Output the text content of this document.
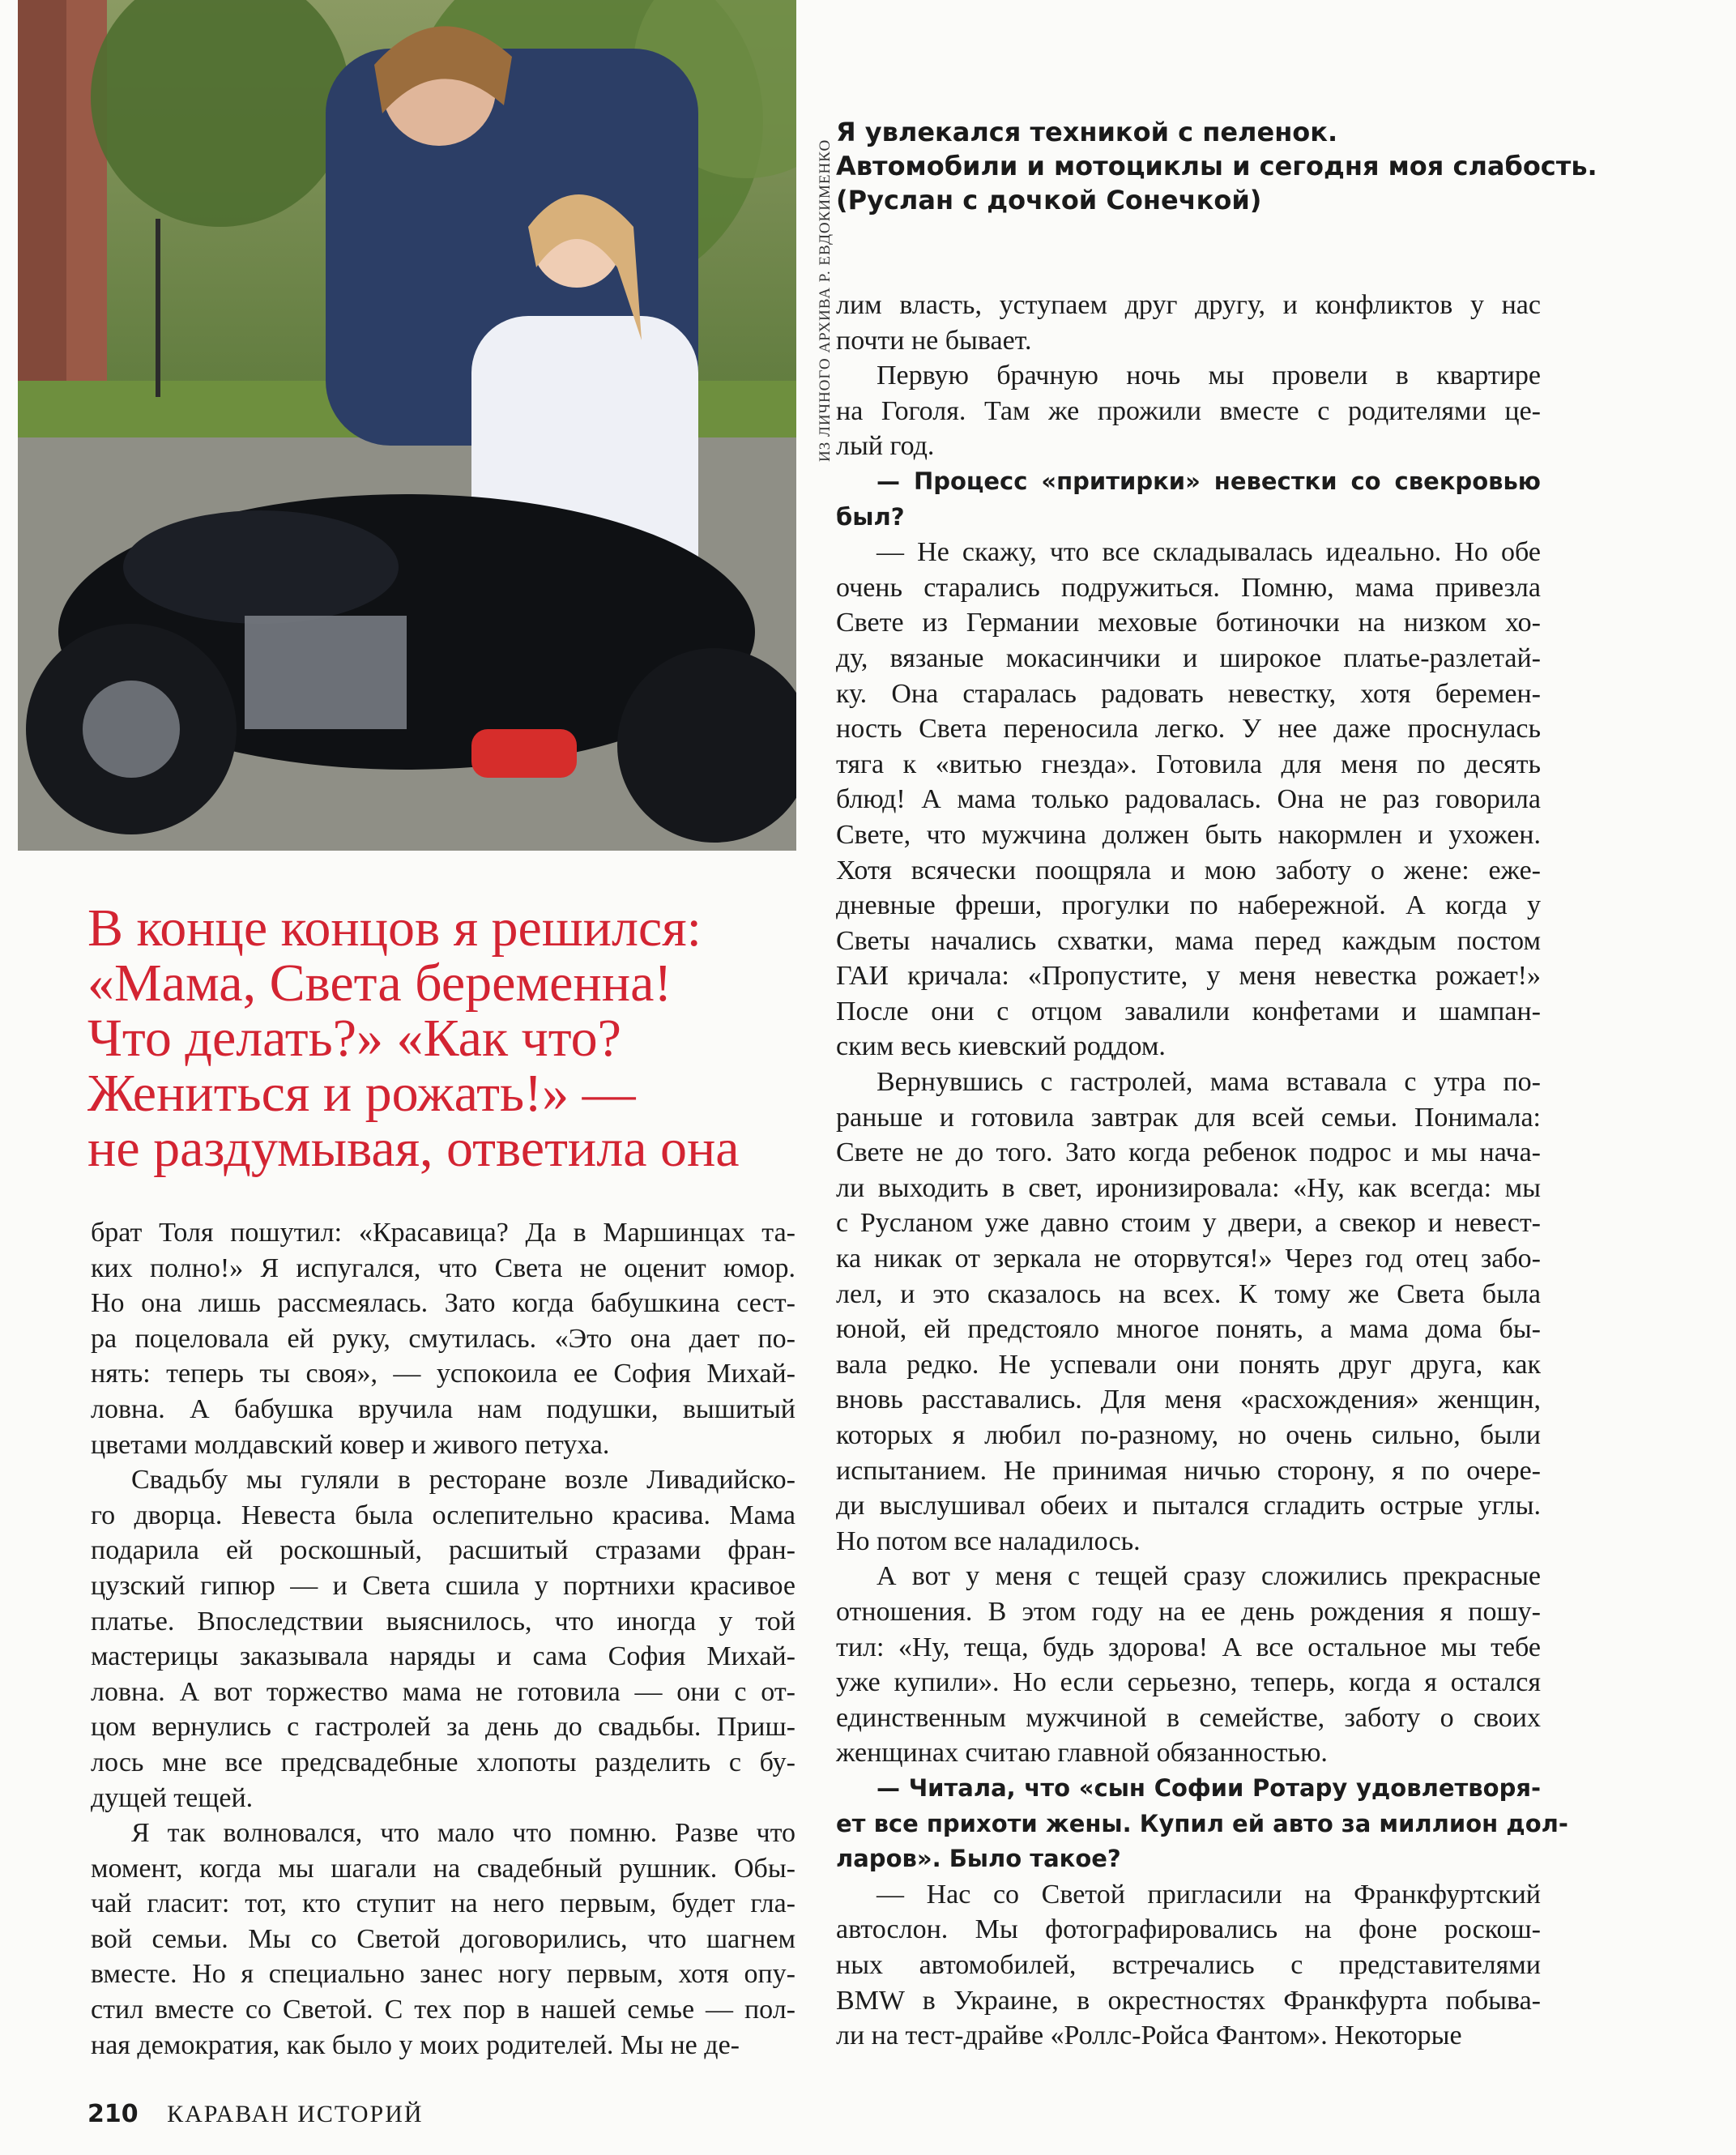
ИЗ ЛИЧНОГО АРХИВА Р. ЕВДОКИМЕНКО
Я увлекался техникой с пеленок.
Автомобили и мотоциклы и сегодня моя слабость.
(Руслан с дочкой Сонечкой)
В конце концов я решился:
«Мама, Света беременна!
Что делать?» «Как что?
Жениться и рожать!» —
не раздумывая, ответила она

брат Толя пошутил: «Красавица? Да в Маршинцах та-
ких полно!» Я испугался, что Света не оценит юмор.
Но она лишь рассмеялась. Зато когда бабушкина сест-
ра поцеловала ей руку, смутилась. «Это она дает по-
нять: теперь ты своя», — успокоила ее София Михай-
ловна. А бабушка вручила нам подушки, вышитый
цветами молдавский ковер и живого петуха.

Свадьбу мы гуляли в ресторане возле Ливадийско-
го дворца. Невеста была ослепительно красива. Мама
подарила ей роскошный, расшитый стразами фран-
цузский гипюр — и Света сшила у портнихи красивое
платье. Впоследствии выяснилось, что иногда у той
мастерицы заказывала наряды и сама София Михай-
ловна. А вот торжество мама не готовила — они с от-
цом вернулись с гастролей за день до свадьбы. Приш-
лось мне все предсвадебные хлопоты разделить с бу-
дущей тещей.

Я так волновался, что мало что помню. Разве что
момент, когда мы шагали на свадебный рушник. Обы-
чай гласит: тот, кто ступит на него первым, будет гла-
вой семьи. Мы со Светой договорились, что шагнем
вместе. Но я специально занес ногу первым, хотя опу-
стил вместе со Светой. С тех пор в нашей семье — пол-
ная демократия, как было у моих родителей. Мы не де-

лим власть, уступаем друг другу, и конфликтов у нас
почти не бывает.

Первую брачную ночь мы провели в квартире
на Гоголя. Там же прожили вместе с родителями це-
лый год.

— Процесс «притирки» невестки со свекровью
был?

— Не скажу, что все складывалась идеально. Но обе
очень старались подружиться. Помню, мама привезла
Свете из Германии меховые ботиночки на низком хо-
ду, вязаные мокасинчики и широкое платье-разлетай-
ку. Она старалась радовать невестку, хотя беремен-
ность Света переносила легко. У нее даже проснулась
тяга к «витью гнезда». Готовила для меня по десять
блюд! А мама только радовалась. Она не раз говорила
Свете, что мужчина должен быть накормлен и ухожен.
Хотя всячески поощряла и мою заботу о жене: еже-
дневные фреши, прогулки по набережной. А когда у
Светы начались схватки, мама перед каждым постом
ГАИ кричала: «Пропустите, у меня невестка рожает!»
После они с отцом завалили конфетами и шампан-
ским весь киевский роддом.

Вернувшись с гастролей, мама вставала с утра по-
раньше и готовила завтрак для всей семьи. Понимала:
Свете не до того. Зато когда ребенок подрос и мы нача-
ли выходить в свет, иронизировала: «Ну, как всегда: мы
с Русланом уже давно стоим у двери, а свекор и невест-
ка никак от зеркала не оторвутся!» Через год отец забо-
лел, и это сказалось на всех. К тому же Света была
юной, ей предстояло многое понять, а мама дома бы-
вала редко. Не успевали они понять друг друга, как
вновь расставались. Для меня «расхождения» женщин,
которых я любил по-разному, но очень сильно, были
испытанием. Не принимая ничью сторону, я по очере-
ди выслушивал обеих и пытался сгладить острые углы.
Но потом все наладилось.

А вот у меня с тещей сразу сложились прекрасные
отношения. В этом году на ее день рождения я пошу-
тил: «Ну, теща, будь здорова! А все остальное мы тебе
уже купили». Но если серьезно, теперь, когда я остался
единственным мужчиной в семействе, заботу о своих
женщинах считаю главной обязанностью.

— Читала, что «сын Софии Ротару удовлетворя-
ет все прихоти жены. Купил ей авто за миллион дол-
ларов». Было такое?

— Нас со Светой пригласили на Франкфуртский
автослон. Мы фотографировались на фоне роскош-
ных автомобилей, встречались с представителями
BMW в Украине, в окрестностях Франкфурта побыва-
ли на тест-драйве «Роллс-Ройса Фантом». Некоторые

210 КАРАВАН ИСТОРИЙ
